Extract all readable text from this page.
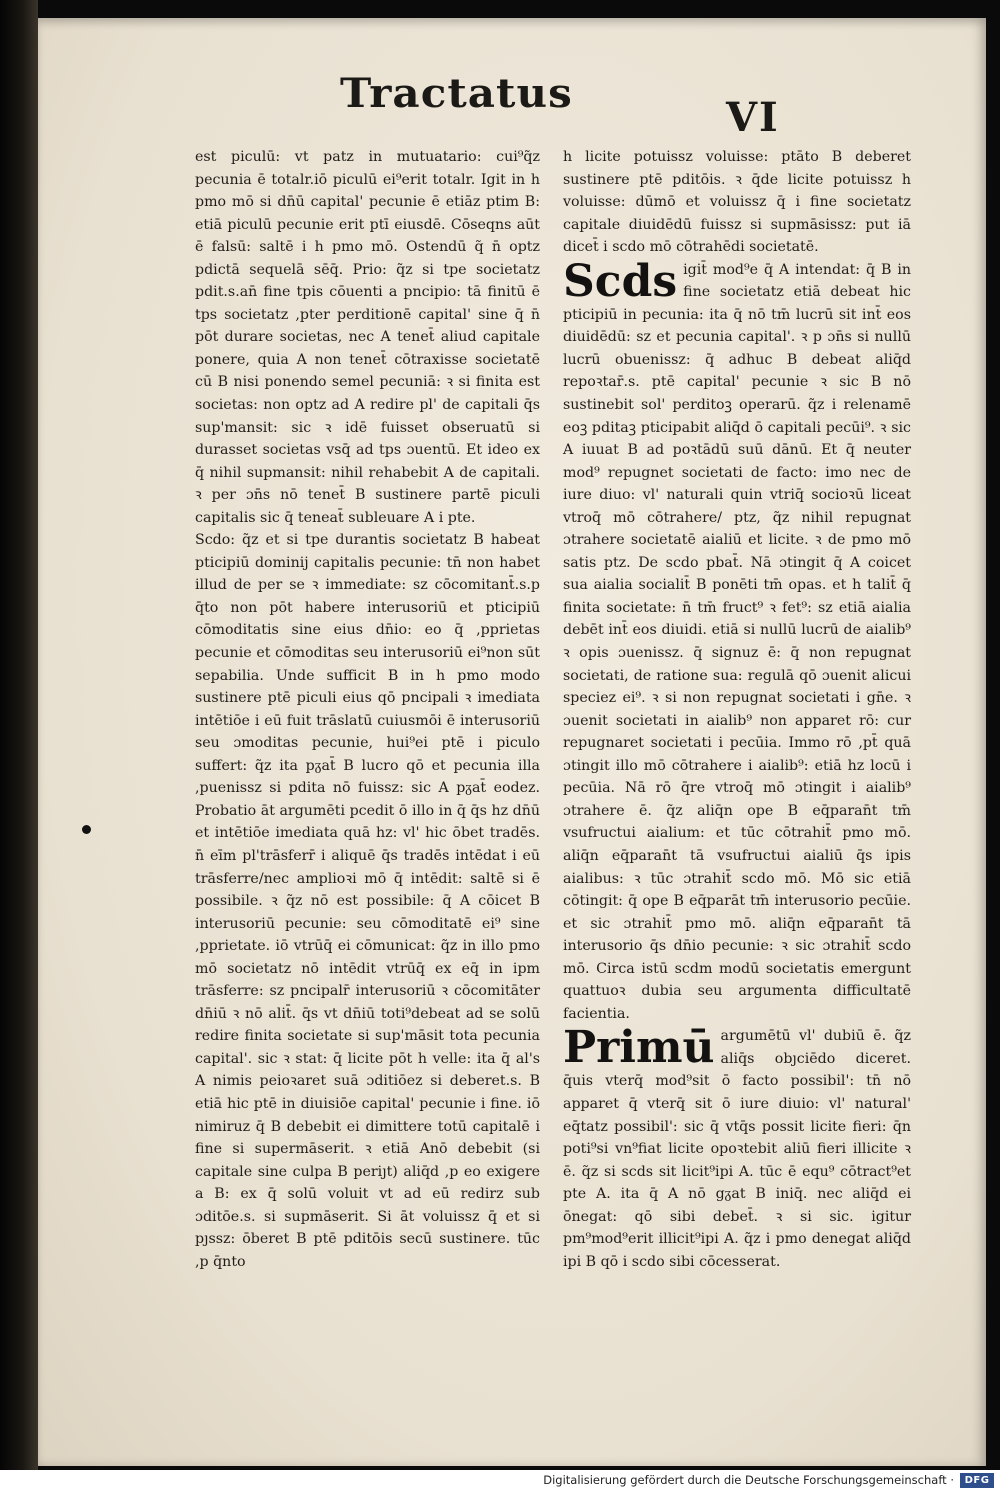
Tractatus
VI

est piculū: vt patz in mutuatario: cui⁹q̃z pecunia ē totalr.iō piculū ei⁹erit totalr. Igit in h pmo mō si dn̄ū capital' pecunie ē etiāz ptim B: etiā piculū pecunie erit ptī eiusdē. Cōseqns aūt ē falsū: saltē i h pmo mō. Ostendū q̃ n̄ optz pdictā sequelā sēq̄. Prio: q̃z si tpe societatz pdit.s.an̄ fine tpis cōuenti a pncipio: tā finitū ē tps societatz ,pter perditionē capital' sine q̄ n̄ pōt durare societas, nec A tenet̄ aliud capitale ponere, quia A non tenet̄ cōtraxisse societatē cū B nisi ponendo semel pecuniā: ꝛ si finita est societas: non optz ad A redire pl' de capitali q̄s sup'mansit: sic ꝛ idē fuisset obseruatū si durasset societas vsq̄ ad tps ɔuentū. Et ideo ex q̄ nihil supmansit: nihil rehabebit A de capitali. ꝛ per ɔn̄s nō tenet̄ B sustinere partē piculi capitalis sic q̄ teneat̄ subleuare A i pte.

Scdo: q̃z et si tpe durantis societatz B habeat pticipiū dominij capitalis pecunie: tn̄ non habet illud de per se ꝛ immediate: sz cōcomitant̄.s.p q̄to non pōt habere interusoriū et pticipiū cōmoditatis sine eius dn̄io: eo q̄ ,pprietas pecunie et cōmoditas seu interusoriū ei⁹non sūt sepabilia. Unde sufficit B in h pmo modo sustinere ptē piculi eius qō pncipali ꝛ imediata intētiōe i eū fuit trāslatū cuiusmōi ē interusoriū seu ɔmoditas pecunie, hui⁹ei ptē i piculo suffert: q̃z ita pᵹat̄ B lucro qō et pecunia illa ,puenissz si pdita nō fuissz: sic A pᵹat̄ eodez. Probatio āt argumēti pcedit ō illo in q̄ q̄s hz dn̄ū et intētiōe imediata quā hz: vl' hic ōbet tradēs. n̄ eīm pl'trāsferr̄ i aliquē q̄s tradēs intēdat i eū trāsferre/nec amplioꝛi mō q̄ intēdit: saltē si ē possibile. ꝛ q̃z nō est possibile: q̄ A cōicet B interusoriū pecunie: seu cōmoditatē ei⁹ sine ,pprietate. iō vtrūq̄ ei cōmunicat: q̃z in illo pmo mō societatz nō intēdit vtrūq̄ ex eq̄ in ipm trāsferre: sz pncipalr̄ interusoriū ꝛ cōcomitāter dn̄iū ꝛ nō alit̄. q̄s vt dn̄iū toti⁹debeat ad se solū redire finita societate si sup'māsit tota pecunia capital'. sic ꝛ stat: q̄ licite pōt h velle: ita q̄ al's A nimis peioꝛaret suā ɔditiōez si deberet.s. B etiā hic ptē in diuisiōe capital' pecunie i fine. iō nimiruz q̄ B debebit ei dimittere totū capitalē i fine si supermāserit. ꝛ etiā Anō debebit (si capitale sine culpa B periȷt) aliq̄d ,p eo exigere a B: ex q̄ solū voluit vt ad eū redirz sub ɔditōe.s. si supmāserit. Si āt voluissz q̄ et si pȷssz: ōberet B ptē pditōis secū sustinere. tūc ,p q̄nto

h licite potuissz voluisse: ptāto B deberet sustinere ptē pditōis. ꝛ q̄de licite potuissz h voluisse: dūmō et voluissz q̄ i fine societatz capitale diuidēdū fuissz si supmāsissz: put iā dicet̄ i scdo mō cōtrahēdi societatē.

Scds igit̄ mod⁹e q̄ A intendat: q̄ B in fine societatz etiā debeat hic pticipiū in pecunia: ita q̄ nō tm̄ lucrū sit int̄ eos diuidēdū: sz et pecunia capital'. ꝛ p ɔn̄s si nullū lucrū obuenissz: q̄ adhuc B debeat aliq̄d repoꝛtar̄.s. ptē capital' pecunie ꝛ sic B nō sustinebit sol' perditoꝫ operarū. q̃z i relenamē eoꝫ pditaꝫ pticipabit aliq̄d ō capitali pecūi⁹. ꝛ sic A iuuat B ad poꝛtādū suū dānū. Et q̄ neuter mod⁹ repugnet societati de facto: imo nec de iure diuo: vl' naturali quin vtriq̄ socioꝛū liceat vtroq̄ mō cōtrahere/ ptz, q̃z nihil repugnat ɔtrahere societatē aialiū et licite. ꝛ de pmo mō satis ptz. De scdo pbat̄. Nā ɔtingit q̄ A coicet sua aialia socialit̄ B ponēti tm̄ opas. et h talit̄ q̄ finita societate: n̄ tm̄ fruct⁹ ꝛ fet⁹: sz etiā aialia debēt int̄ eos diuidi. etiā si nullū lucrū de aialib⁹ ꝛ opis ɔuenissz. q̄ signuz ē: q̄ non repugnat societati, de ratione sua: regulā qō ɔuenit alicui speciez ei⁹. ꝛ si non repugnat societati i gn̄e. ꝛ ɔuenit societati in aialib⁹ non apparet rō: cur repugnaret societati i pecūia. Immo rō ,pt̄ quā ɔtingit illo mō cōtrahere i aialib⁹: etiā hz locū i pecūia. Nā rō q̄re vtroq̄ mō ɔtingit i aialib⁹ ɔtrahere ē. q̃z aliq̄n ope B eq̄paran̄t tm̄ vsufructui aialium: et tūc cōtrahit̄ pmo mō. aliq̄n eq̄paran̄t tā vsufructui aialiū q̄s ipis aialibus: ꝛ tūc ɔtrahit̄ scdo mō. Mō sic etiā cōtingit: q̄ ope B eq̄parāt tm̄ interusorio pecūie. et sic ɔtrahit̄ pmo mō. aliq̄n eq̄paran̄t tā interusorio q̄s dn̄io pecunie: ꝛ sic ɔtrahit̄ scdo mō. Circa istū scdm modū societatis emergunt quattuoꝛ dubia seu argumenta difficultatē facientia.

Primū argumētū vl' dubiū ē. q̃z aliq̄s obȷciēdo diceret. q̄uis vterq̄ mod⁹sit ō facto possibil': tn̄ nō apparet q̄ vterq̄ sit ō iure diuio: vl' natural' eq̄tatz possibil': sic q̄ vtq̄s possit licite fieri: q̄n poti⁹si vn⁹fiat licite opoꝛtebit aliū fieri illicite ꝛ ē. q̃z si scds sit licit⁹ipi A. tūc ē equ⁹ cōtract⁹et pte A. ita q̄ A nō gᵹat B iniq̄. nec aliq̄d ei ōnegat: qō sibi debet̄. ꝛ si sic. igitur pm⁹mod⁹erit illicit⁹ipi A. q̃z i pmo denegat aliq̄d ipi B qō i scdo sibi cōcesserat.

Digitalisierung gefördert durch die Deutsche Forschungsgemeinschaft ·	DFG
